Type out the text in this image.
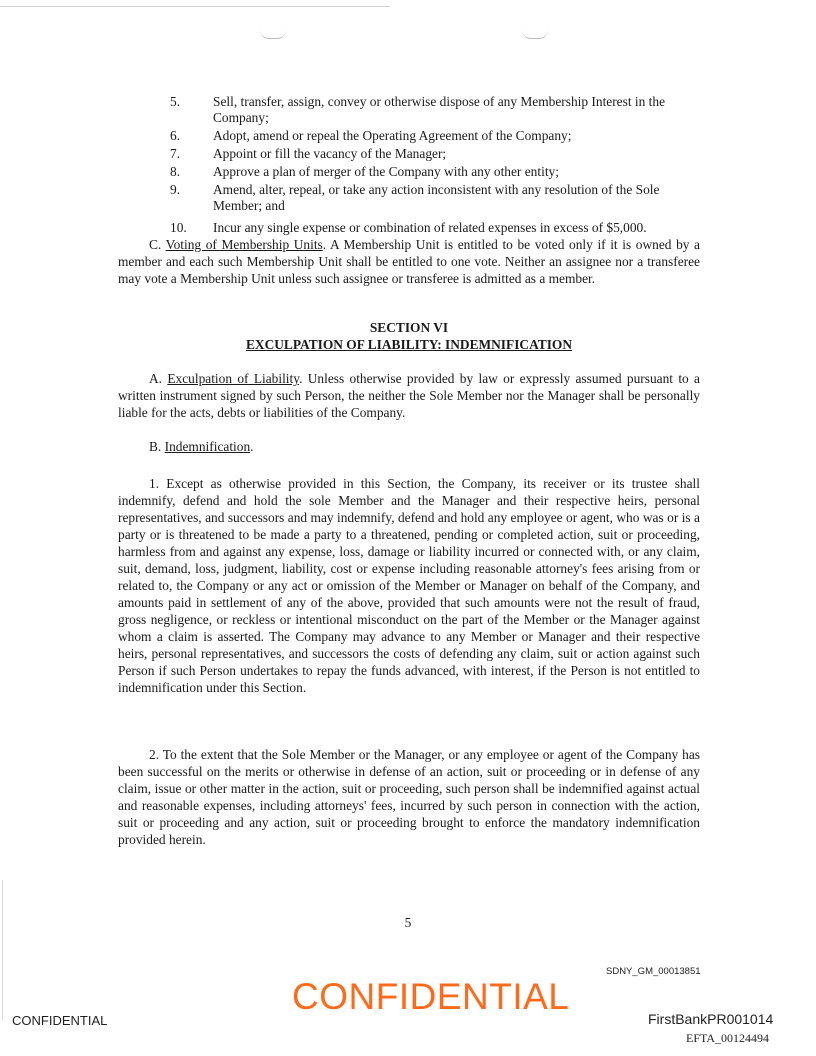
5. Sell, transfer, assign, convey or otherwise dispose of any Membership Interest in the Company;
6. Adopt, amend or repeal the Operating Agreement of the Company;
7. Appoint or fill the vacancy of the Manager;
8. Approve a plan of merger of the Company with any other entity;
9. Amend, alter, repeal, or take any action inconsistent with any resolution of the Sole Member; and
10. Incur any single expense or combination of related expenses in excess of $5,000.

C. Voting of Membership Units. A Membership Unit is entitled to be voted only if it is owned by a member and each such Membership Unit shall be entitled to one vote. Neither an assignee nor a transferee may vote a Membership Unit unless such assignee or transferee is admitted as a member.

SECTION VI

EXCULPATION OF LIABILITY: INDEMNIFICATION

A. Exculpation of Liability. Unless otherwise provided by law or expressly assumed pursuant to a written instrument signed by such Person, the neither the Sole Member nor the Manager shall be personally liable for the acts, debts or liabilities of the Company.

B. Indemnification.

1. Except as otherwise provided in this Section, the Company, its receiver or its trustee shall indemnify, defend and hold the sole Member and the Manager and their respective heirs, personal representatives, and successors and may indemnify, defend and hold any employee or agent, who was or is a party or is threatened to be made a party to a threatened, pending or completed action, suit or proceeding, harmless from and against any expense, loss, damage or liability incurred or connected with, or any claim, suit, demand, loss, judgment, liability, cost or expense including reasonable attorney's fees arising from or related to, the Company or any act or omission of the Member or Manager on behalf of the Company, and amounts paid in settlement of any of the above, provided that such amounts were not the result of fraud, gross negligence, or reckless or intentional misconduct on the part of the Member or the Manager against whom a claim is asserted. The Company may advance to any Member or Manager and their respective heirs, personal representatives, and successors the costs of defending any claim, suit or action against such Person if such Person undertakes to repay the funds advanced, with interest, if the Person is not entitled to indemnification under this Section.

2. To the extent that the Sole Member or the Manager, or any employee or agent of the Company has been successful on the merits or otherwise in defense of an action, suit or proceeding or in defense of any claim, issue or other matter in the action, suit or proceeding, such person shall be indemnified against actual and reasonable expenses, including attorneys' fees, incurred by such person in connection with the action, suit or proceeding and any action, suit or proceeding brought to enforce the mandatory indemnification provided herein.

5
SDNY_GM_00013851
CONFIDENTIAL
CONFIDENTIAL	FirstBankPR001014
EFTA_00124494
